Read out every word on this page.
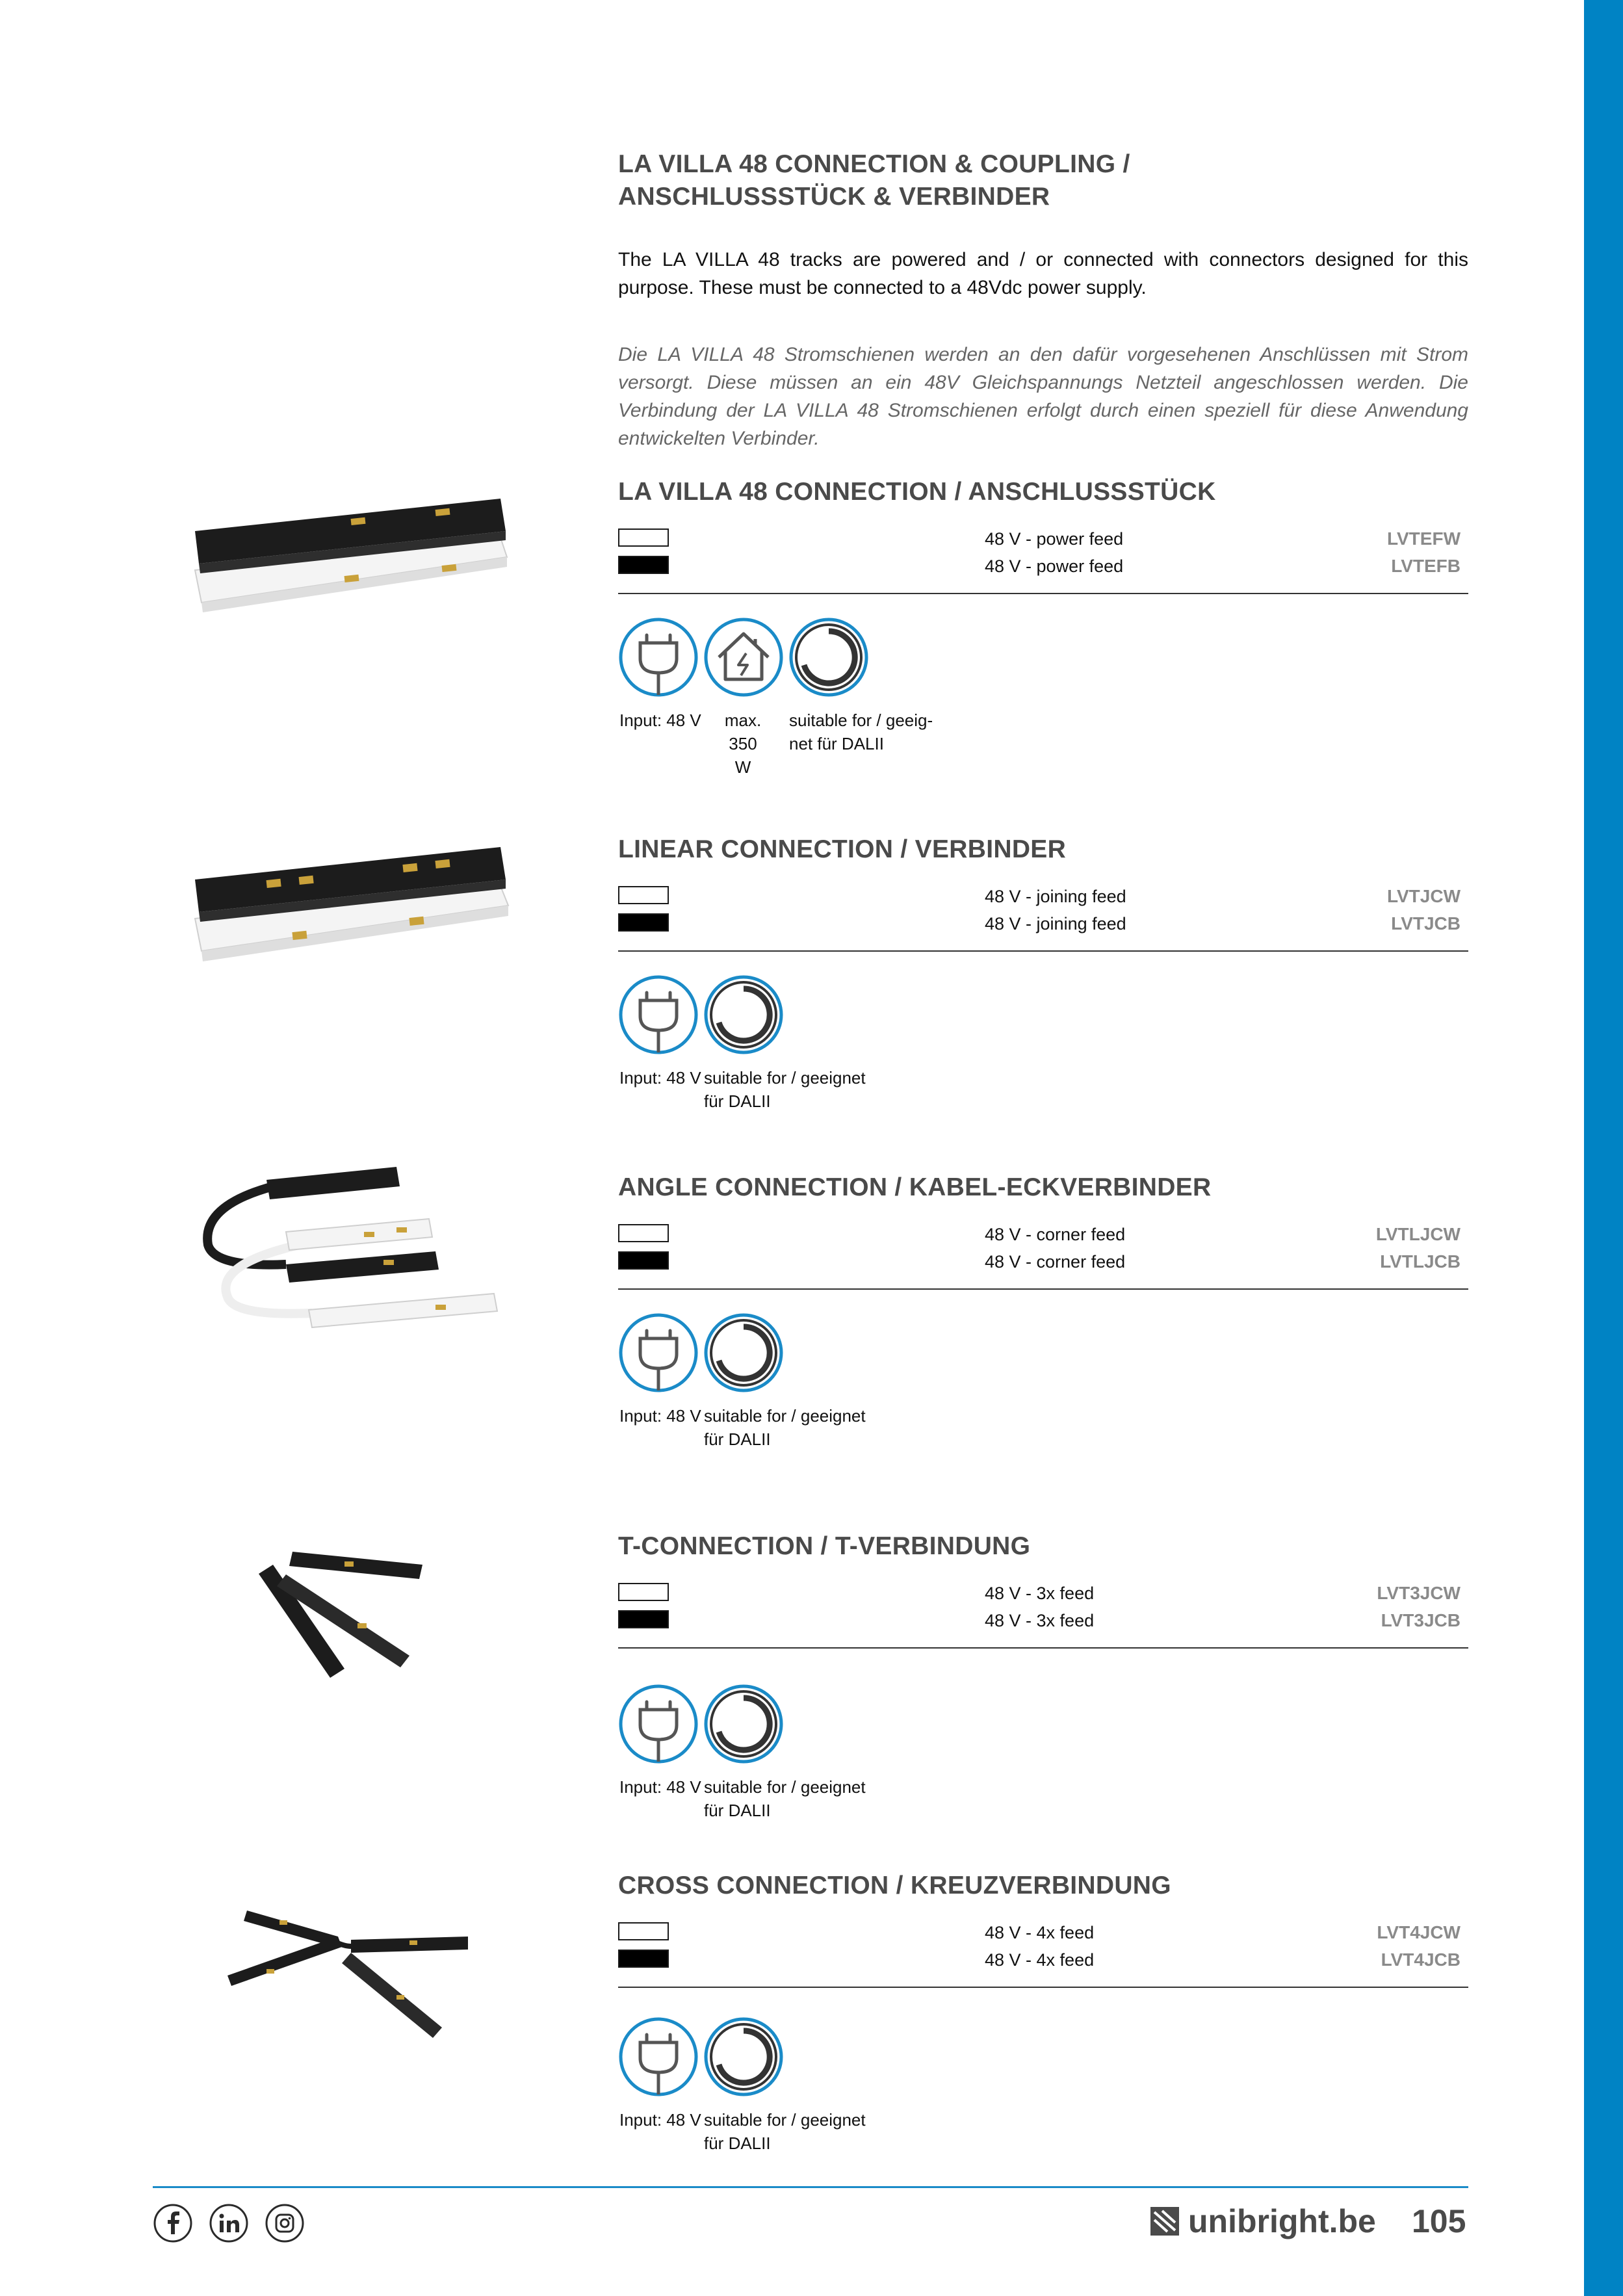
LA VILLA 48 CONNECTION & COUPLING /
ANSCHLUSSSTÜCK & VERBINDER
The LA VILLA 48 tracks are powered and / or connected with connectors designed for this purpose. These must be connected to a 48Vdc power supply.
Die LA VILLA 48 Stromschienen werden an den dafür vorgesehenen Anschlüssen mit Strom versorgt. Diese müssen an ein 48V Gleichspannungs Netzteil angeschlossen werden. Die Verbindung der LA VILLA 48 Stromschienen erfolgt durch einen speziell für diese Anwendung entwickelten Verbinder.
LA VILLA 48 CONNECTION / ANSCHLUSSSTÜCK
48 V - power feed	LVTEFW
48 V - power feed	LVTEFB
Input: 48 V	max. 350
W
suitable for / geeig-
net für DALII
LINEAR CONNECTION / VERBINDER
48 V - joining feed	LVTJCW
48 V - joining feed	LVTJCB
Input: 48 V suitable for / geeignet
für DALII
ANGLE CONNECTION / KABEL-ECKVERBINDER
48 V - corner feed	LVTLJCW
48 V - corner feed	LVTLJCB
Input: 48 V suitable for / geeignet
für DALII
T-CONNECTION / T-VERBINDUNG
48 V - 3x feed	LVT3JCW
48 V - 3x feed	LVT3JCB
Input: 48 V suitable for / geeignet
für DALII
CROSS CONNECTION / KREUZVERBINDUNG
48 V - 4x feed	LVT4JCW
48 V - 4x feed	LVT4JCB
Input: 48 V suitable for / geeignet
für DALII
unibright.be 105
